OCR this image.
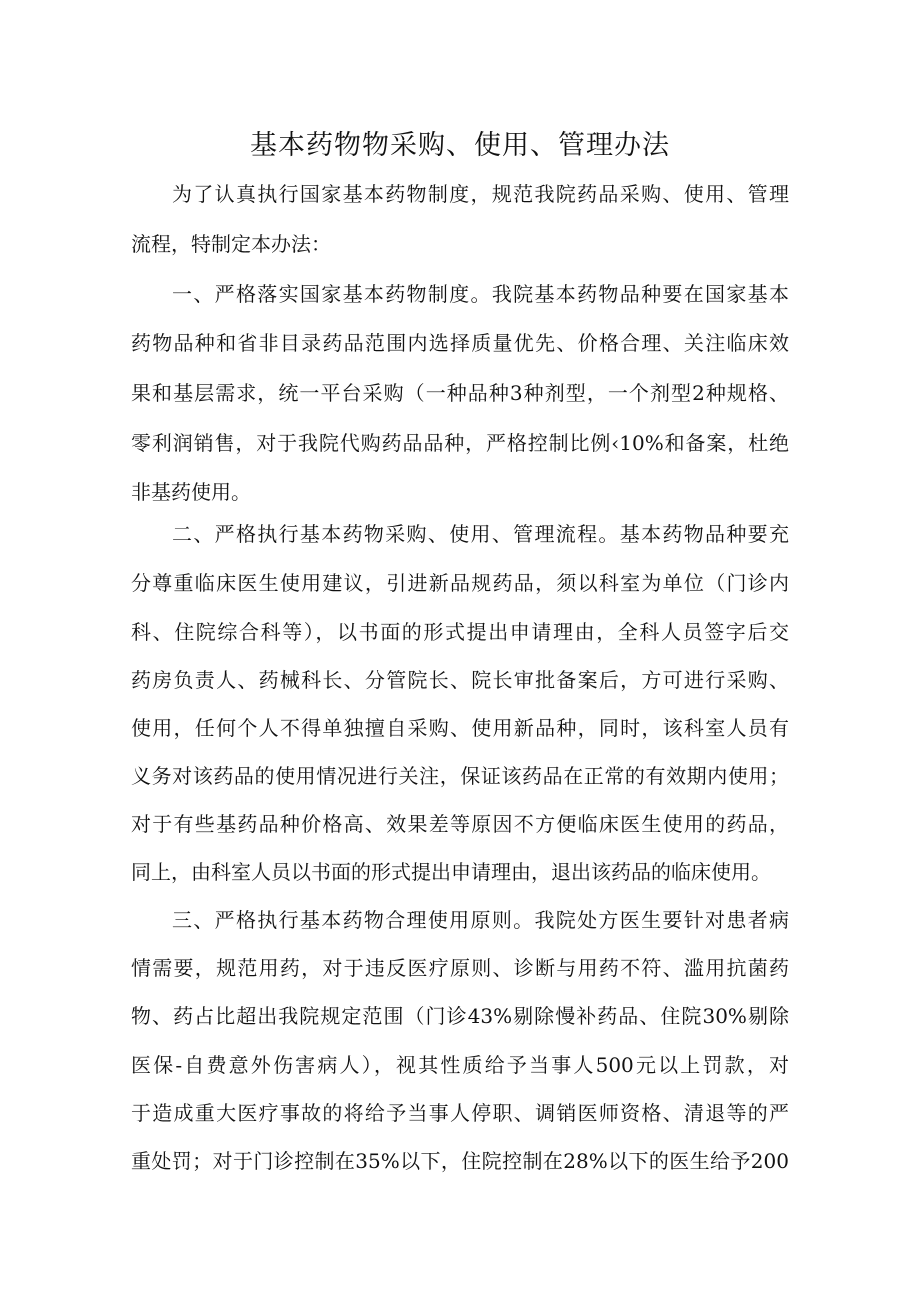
基本药物物采购、使用、管理办法
为了认真执行国家基本药物制度，规范我院药品采购、使用、管理
流程，特制定本办法：
一、严格落实国家基本药物制度。我院基本药物品种要在国家基本
药物品种和省非目录药品范围内选择质量优先、价格合理、关注临床效
果和基层需求，统一平台采购（一种品种3种剂型，一个剂型2种规格、
零利润销售，对于我院代购药品品种，严格控制比例‹10%和备案，杜绝
非基药使用。
二、严格执行基本药物采购、使用、管理流程。基本药物品种要充
分尊重临床医生使用建议，引进新品规药品，须以科室为单位（门诊内
科、住院综合科等），以书面的形式提出申请理由，全科人员签字后交
药房负责人、药械科长、分管院长、院长审批备案后，方可进行采购、
使用，任何个人不得单独擅自采购、使用新品种，同时，该科室人员有
义务对该药品的使用情况进行关注，保证该药品在正常的有效期内使用；
对于有些基药品种价格高、效果差等原因不方便临床医生使用的药品，
同上，由科室人员以书面的形式提出申请理由，退出该药品的临床使用。
三、严格执行基本药物合理使用原则。我院处方医生要针对患者病
情需要，规范用药，对于违反医疗原则、诊断与用药不符、滥用抗菌药
物、药占比超出我院规定范围（门诊43%剔除慢补药品、住院30%剔除
医保-自费意外伤害病人），视其性质给予当事人500元以上罚款，对
于造成重大医疗事故的将给予当事人停职、调销医师资格、清退等的严
重处罚；对于门诊控制在35%以下，住院控制在28%以下的医生给予200
